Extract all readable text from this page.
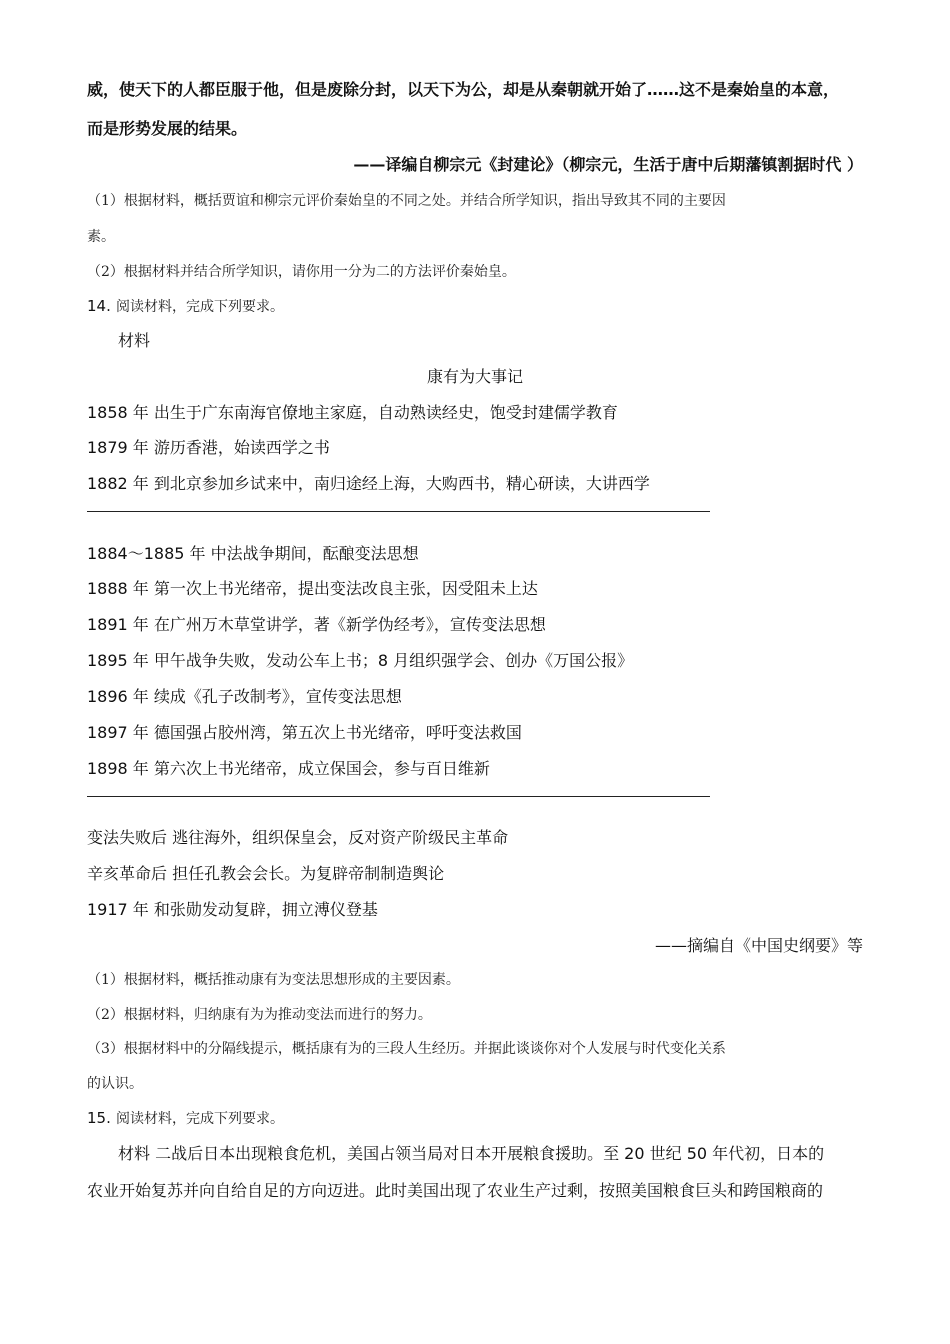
威，使天下的人都臣服于他，但是废除分封，以天下为公，却是从秦朝就开始了……这不是秦始皇的本意，
而是形势发展的结果。
——译编自柳宗元《封建论》（柳宗元，生活于唐中后期藩镇割据时代 ）
（1）根据材料，概括贾谊和柳宗元评价秦始皇的不同之处。并结合所学知识，指出导致其不同的主要因
素。
（2）根据材料并结合所学知识，请你用一分为二的方法评价秦始皇。
14. 阅读材料，完成下列要求。
材料
康有为大事记
1858 年 出生于广东南海官僚地主家庭，自动熟读经史，饱受封建儒学教育
1879 年 游历香港，始读西学之书
1882 年 到北京参加乡试来中，南归途经上海，大购西书，精心研读，大讲西学
1884～1885 年 中法战争期间，酝酿变法思想
1888 年 第一次上书光绪帝，提出变法改良主张，因受阻未上达
1891 年 在广州万木草堂讲学，著《新学伪经考》，宣传变法思想
1895 年 甲午战争失败，发动公车上书；8 月组织强学会、创办《万国公报》
1896 年 续成《孔子改制考》，宣传变法思想
1897 年 德国强占胶州湾，第五次上书光绪帝，呼吁变法救国
1898 年 第六次上书光绪帝，成立保国会，参与百日维新
变法失败后 逃往海外，组织保皇会，反对资产阶级民主革命
辛亥革命后 担任孔教会会长。为复辟帝制制造舆论
1917 年 和张勋发动复辟，拥立溥仪登基
——摘编自《中国史纲要》等
（1）根据材料，概括推动康有为变法思想形成的主要因素。
（2）根据材料，归纳康有为为推动变法而进行的努力。
（3）根据材料中的分隔线提示，概括康有为的三段人生经历。并据此谈谈你对个人发展与时代变化关系
的认识。
15. 阅读材料，完成下列要求。
材料 二战后日本出现粮食危机，美国占领当局对日本开展粮食援助。至 20 世纪 50 年代初，日本的
农业开始复苏并向自给自足的方向迈进。此时美国出现了农业生产过剩，按照美国粮食巨头和跨国粮商的
